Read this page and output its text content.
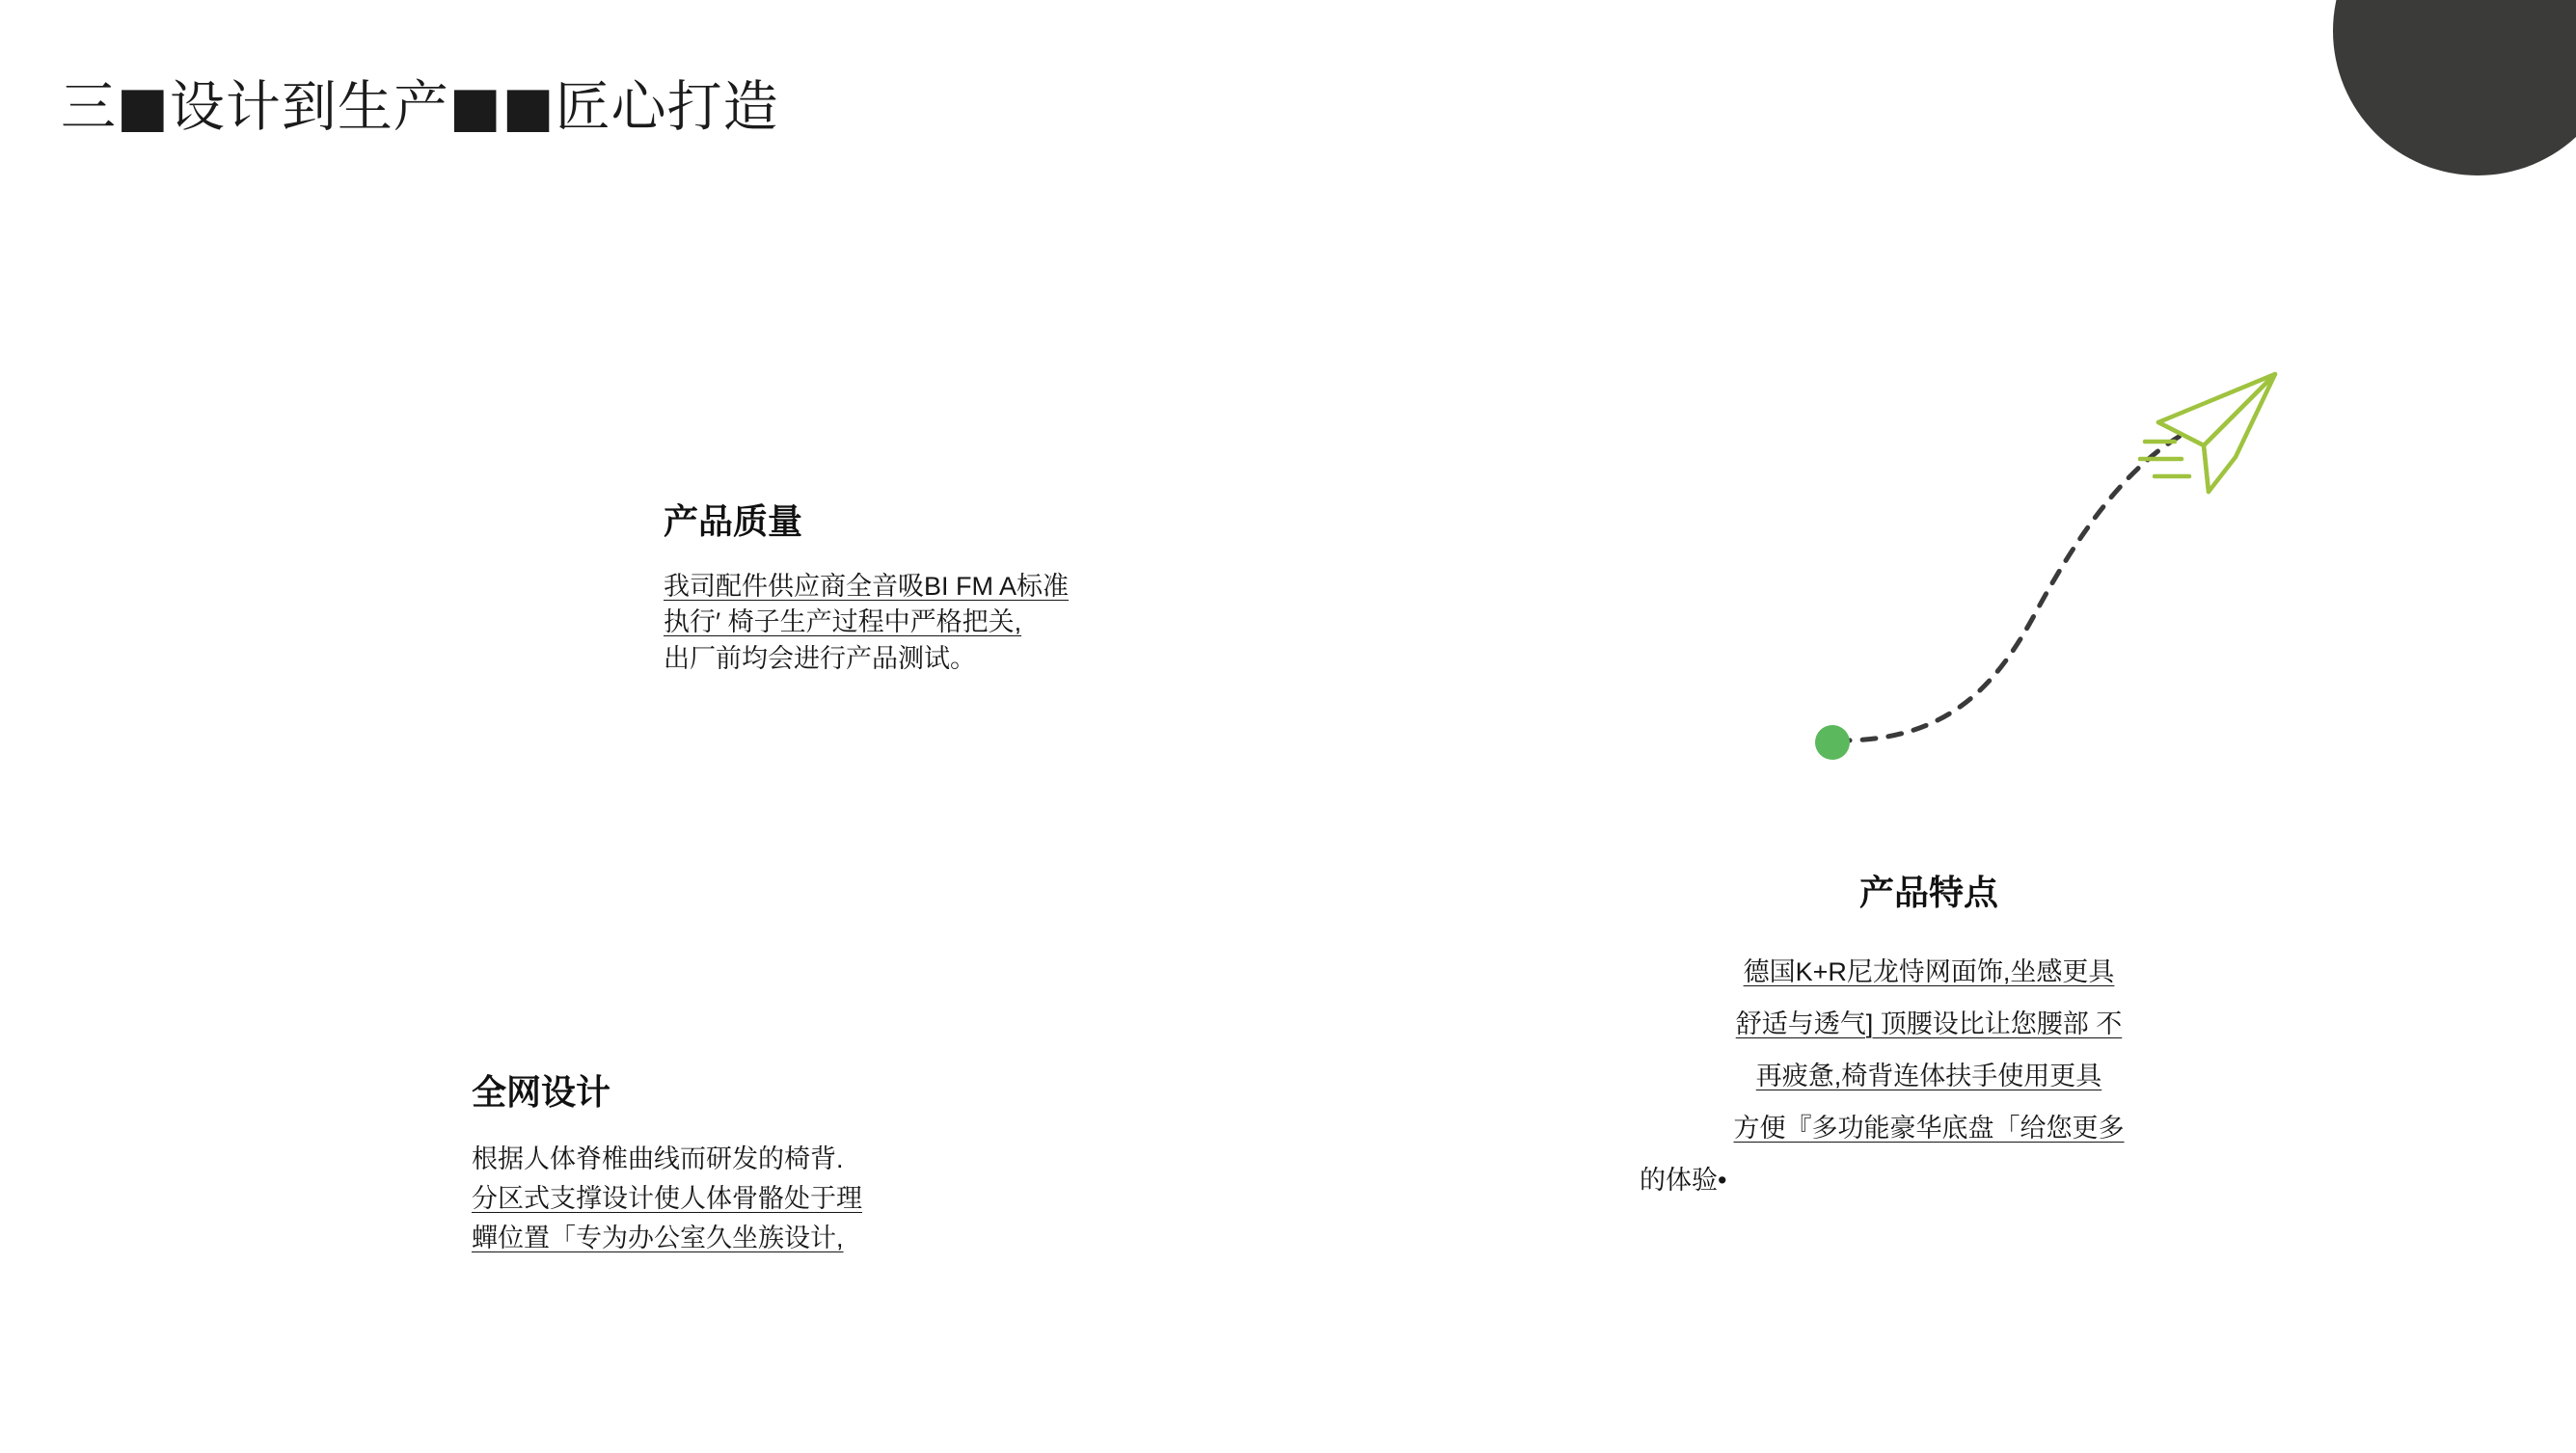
三■设计到生产■■匠心打造
产品质量
我司配件供应商全音吸BI FM A标准
执行′ 椅子生产过程中严格把关,
出厂前均会进行产品测试。
全网设计
根据人体脊椎曲线而研发的椅背.
分区式支撑设计使人体骨骼处于理
蟬位置「专为办公室久坐族设计,
产品特点
德国K+R尼龙恃网面饰,坐感更具
舒适与透气] 顶腰设比让您腰部 不
再疲惫,椅背连体扶手使用更具
方便『多功能豪华底盘「给您更多
的体验•
